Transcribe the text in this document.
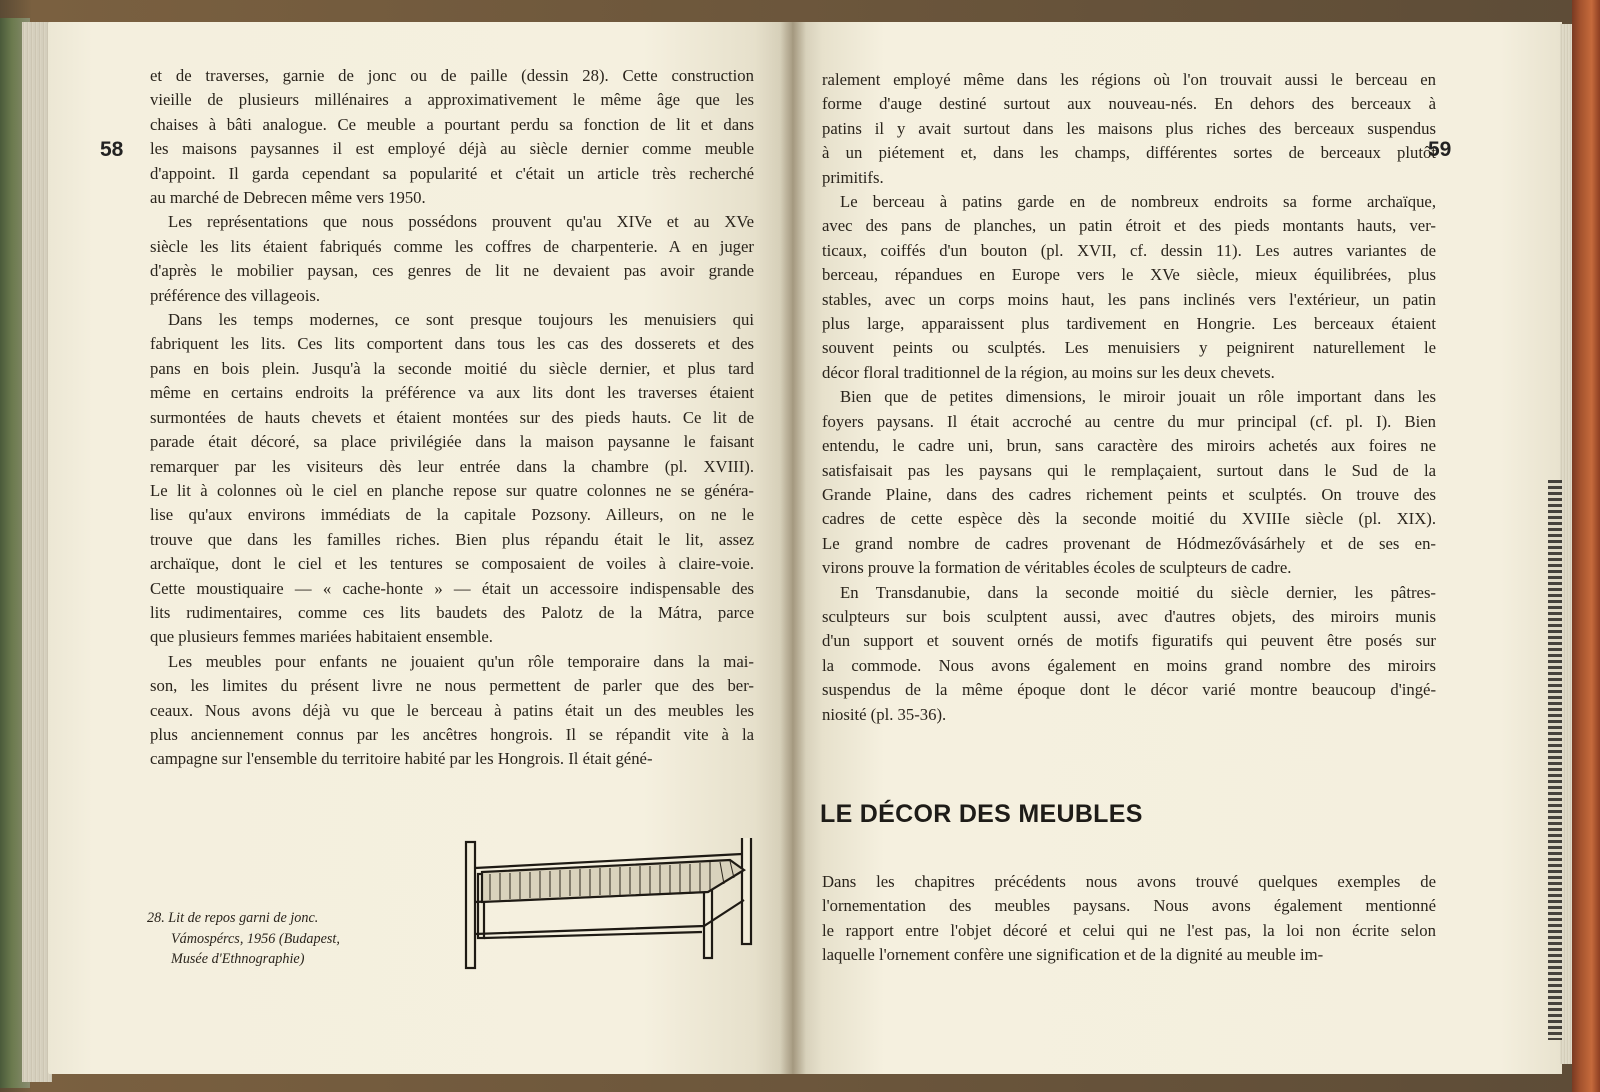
58	59
et de traverses, garnie de jonc ou de paille (dessin 28). Cette construction
vieille de plusieurs millénaires a approximativement le même âge que les
chaises à bâti analogue. Ce meuble a pourtant perdu sa fonction de lit et dans
les maisons paysannes il est employé déjà au siècle dernier comme meuble
d'appoint. Il garda cependant sa popularité et c'était un article très recherché
au marché de Debrecen même vers 1950.
Les représentations que nous possédons prouvent qu'au XIVe et au XVe
siècle les lits étaient fabriqués comme les coffres de charpenterie. A en juger
d'après le mobilier paysan, ces genres de lit ne devaient pas avoir grande
préférence des villageois.
Dans les temps modernes, ce sont presque toujours les menuisiers qui
fabriquent les lits. Ces lits comportent dans tous les cas des dosserets et des
pans en bois plein. Jusqu'à la seconde moitié du siècle dernier, et plus tard
même en certains endroits la préférence va aux lits dont les traverses étaient
surmontées de hauts chevets et étaient montées sur des pieds hauts. Ce lit de
parade était décoré, sa place privilégiée dans la maison paysanne le faisant
remarquer par les visiteurs dès leur entrée dans la chambre (pl. XVIII).
Le lit à colonnes où le ciel en planche repose sur quatre colonnes ne se généra-
lise qu'aux environs immédiats de la capitale Pozsony. Ailleurs, on ne le
trouve que dans les familles riches. Bien plus répandu était le lit, assez
archaïque, dont le ciel et les tentures se composaient de voiles à claire-voie.
Cette moustiquaire — « cache-honte » — était un accessoire indispensable des
lits rudimentaires, comme ces lits baudets des Palotz de la Mátra, parce
que plusieurs femmes mariées habitaient ensemble.
Les meubles pour enfants ne jouaient qu'un rôle temporaire dans la mai-
son, les limites du présent livre ne nous permettent de parler que des ber-
ceaux. Nous avons déjà vu que le berceau à patins était un des meubles les
plus anciennement connus par les ancêtres hongrois. Il se répandit vite à la
campagne sur l'ensemble du territoire habité par les Hongrois. Il était géné-
ralement employé même dans les régions où l'on trouvait aussi le berceau en
forme d'auge destiné surtout aux nouveau-nés. En dehors des berceaux à
patins il y avait surtout dans les maisons plus riches des berceaux suspendus
à un piétement et, dans les champs, différentes sortes de berceaux plutôt
primitifs.
Le berceau à patins garde en de nombreux endroits sa forme archaïque,
avec des pans de planches, un patin étroit et des pieds montants hauts, ver-
ticaux, coiffés d'un bouton (pl. XVII, cf. dessin 11). Les autres variantes de
berceau, répandues en Europe vers le XVe siècle, mieux équilibrées, plus
stables, avec un corps moins haut, les pans inclinés vers l'extérieur, un patin
plus large, apparaissent plus tardivement en Hongrie. Les berceaux étaient
souvent peints ou sculptés. Les menuisiers y peignirent naturellement le
décor floral traditionnel de la région, au moins sur les deux chevets.
Bien que de petites dimensions, le miroir jouait un rôle important dans les
foyers paysans. Il était accroché au centre du mur principal (cf. pl. I). Bien
entendu, le cadre uni, brun, sans caractère des miroirs achetés aux foires ne
satisfaisait pas les paysans qui le remplaçaient, surtout dans le Sud de la
Grande Plaine, dans des cadres richement peints et sculptés. On trouve des
cadres de cette espèce dès la seconde moitié du XVIIIe siècle (pl. XIX).
Le grand nombre de cadres provenant de Hódmezővásárhely et de ses en-
virons prouve la formation de véritables écoles de sculpteurs de cadre.
En Transdanubie, dans la seconde moitié du siècle dernier, les pâtres-
sculpteurs sur bois sculptent aussi, avec d'autres objets, des miroirs munis
d'un support et souvent ornés de motifs figuratifs qui peuvent être posés sur
la commode. Nous avons également en moins grand nombre des miroirs
suspendus de la même époque dont le décor varié montre beaucoup d'ingé-
niosité (pl. 35-36).
LE DÉCOR DES MEUBLES
Dans les chapitres précédents nous avons trouvé quelques exemples de
l'ornementation des meubles paysans. Nous avons également mentionné
le rapport entre l'objet décoré et celui qui ne l'est pas, la loi non écrite selon
laquelle l'ornement confère une signification et de la dignité au meuble im-
28. Lit de repos garni de jonc.
Vámospércs, 1956 (Budapest,
Musée d'Ethnographie)
